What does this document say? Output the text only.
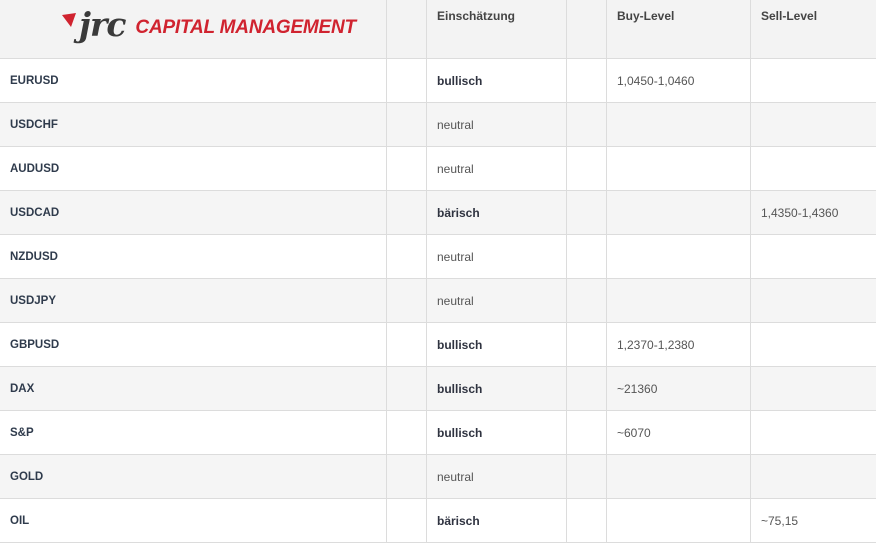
jrc CAPITAL MANAGEMENT		Einschätzung		Buy-Level	Sell-Level
EURUSD		bullisch		1,0450-1,0460	
USDCHF		neutral			
AUDUSD		neutral			
USDCAD		bärisch			1,4350-1,4360
NZDUSD		neutral			
USDJPY		neutral			
GBPUSD		bullisch		1,2370-1,2380	
DAX		bullisch		~21360	
S&P		bullisch		~6070	
GOLD		neutral			
OIL		bärisch			~75,15
